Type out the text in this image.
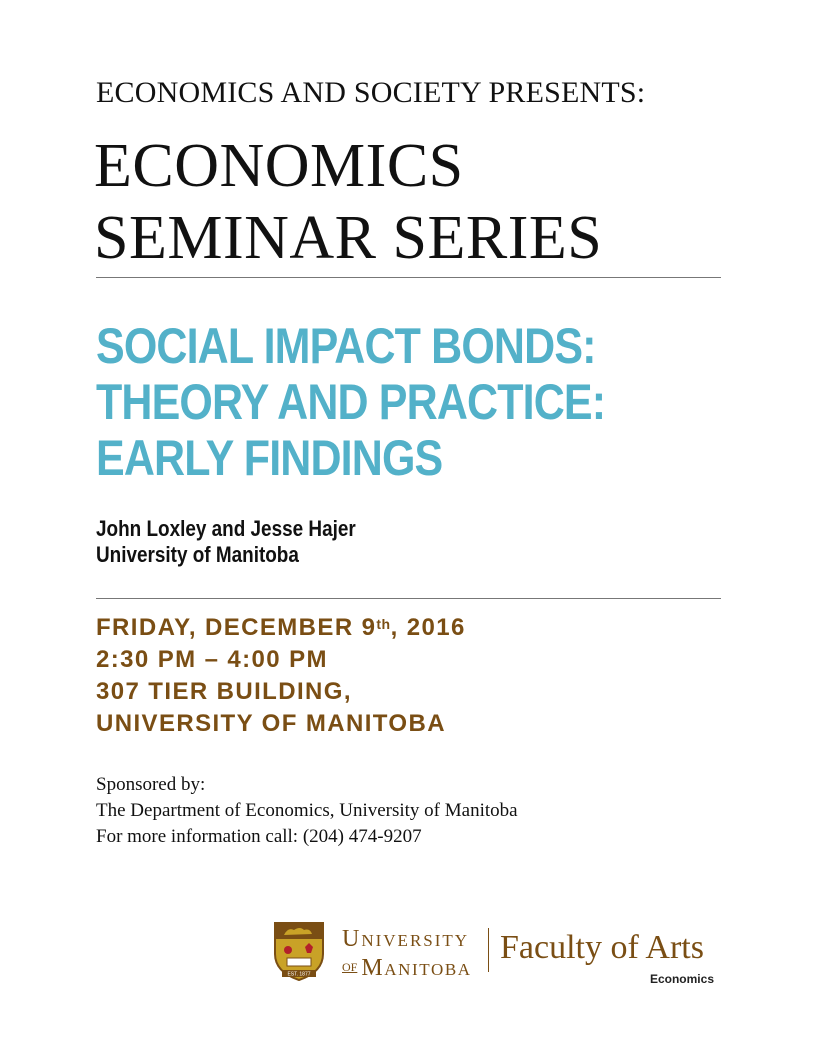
ECONOMICS AND SOCIETY PRESENTS:
ECONOMICS
SEMINAR SERIES
SOCIAL IMPACT BONDS:
THEORY AND PRACTICE:
EARLY FINDINGS
John Loxley and Jesse Hajer
University of Manitoba
FRIDAY, DECEMBER 9th, 2016
2:30 PM – 4:00 PM
307 TIER BUILDING,
UNIVERSITY OF MANITOBA
Sponsored by:
The Department of Economics, University of Manitoba
For more information call: (204) 474-9207
EST. 1877
UNIVERSITY
OF MANITOBA
Faculty of Arts
Economics
